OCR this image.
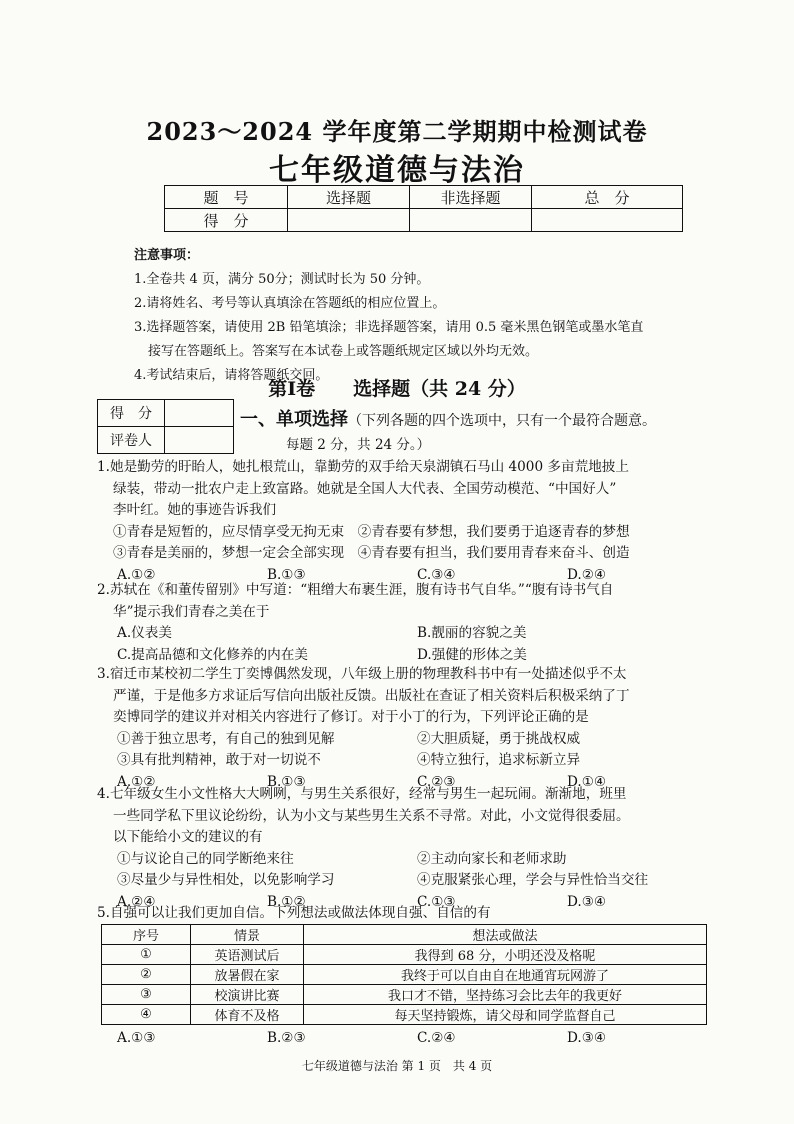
2023～2024 学年度第二学期期中检测试卷
七年级道德与法治
题　号	选择题	非选择题	总　分
得　分			
注意事项：
1.全卷共 4 页，满分 50分；测试时长为 50 分钟。
2.请将姓名、考号等认真填涂在答题纸的相应位置上。
3.选择题答案，请使用 2B 铅笔填涂；非选择题答案，请用 0.5 毫米黑色钢笔或墨水笔直
接写在答题纸上。答案写在本试卷上或答题纸规定区域以外均无效。
4.考试结束后，请将答题纸交回。
第Ⅰ卷　　选择题（共 24 分）
得　分	
评卷人	
一、单项选择（下列各题的四个选项中，只有一个最符合题意。
每题 2 分，共 24 分。）
1.她是勤劳的盱眙人，她扎根荒山，靠勤劳的双手给天泉湖镇石马山 4000 多亩荒地披上
绿装，带动一批农户走上致富路。她就是全国人大代表、全国劳动模范、“中国好人”
李叶红。她的事迹告诉我们
①青春是短暂的，应尽情享受无拘无束　②青春要有梦想，我们要勇于追逐青春的梦想
③青春是美丽的，梦想一定会全部实现　④青春要有担当，我们要用青春来奋斗、创造
A.①②	B.①③	C.③④	D.②④
2.苏轼在《和董传留别》中写道：“粗缯大布裹生涯，腹有诗书气自华。”“腹有诗书气自
华”提示我们青春之美在于
A.仪表美	B.靓丽的容貌之美
C.提高品德和文化修养的内在美	D.强健的形体之美
3.宿迁市某校初二学生丁奕博偶然发现，八年级上册的物理教科书中有一处描述似乎不太
严谨，于是他多方求证后写信向出版社反馈。出版社在查证了相关资料后积极采纳了丁
奕博同学的建议并对相关内容进行了修订。对于小丁的行为，下列评论正确的是
①善于独立思考，有自己的独到见解	②大胆质疑，勇于挑战权威
③具有批判精神，敢于对一切说不	④特立独行，追求标新立异
A.①②	B.①③	C.②③	D.①④
4.七年级女生小文性格大大咧咧，与男生关系很好，经常与男生一起玩闹。渐渐地，班里
一些同学私下里议论纷纷，认为小文与某些男生关系不寻常。对此，小文觉得很委屈。
以下能给小文的建议的有
①与议论自己的同学断绝来往	②主动向家长和老师求助
③尽量少与异性相处，以免影响学习	④克服紧张心理，学会与异性恰当交往
A.②④	B.①②	C.①③	D.③④
5.自强可以让我们更加自信。下列想法或做法体现自强、自信的有
序号	情景	想法或做法
①	英语测试后	我得到 68 分，小明还没及格呢
②	放暑假在家	我终于可以自由自在地通宵玩网游了
③	校演讲比赛	我口才不错，坚持练习会比去年的我更好
④	体育不及格	每天坚持锻炼，请父母和同学监督自己
A.①③	B.②③	C.②④	D.③④
七年级道德与法治 第 1 页　共 4 页
